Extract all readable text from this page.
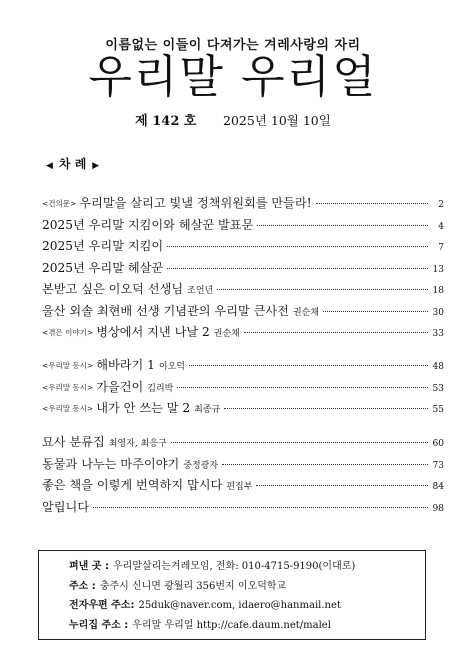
이름없는 이들이 다져가는 겨레사랑의 자리
우리말 우리얼
제 142 호 2025년 10월 10일
◀ 차 례 ▶
<건의문> 우리말을 살리고 빛낼 정책위원회를 만들라!	2
2025년 우리말 지킴이와 헤살꾼 발표문	4
2025년 우리말 지킴이	7
2025년 우리말 헤살꾼	13
본받고 싶은 이오덕 선생님 조언년	18
울산 외솔 최현배 선생 기념관의 우리말 큰사전 권순채	30
<겪은 이야기> 병상에서 지낸 나날 2 권순채	33
<우리말 동시> 해바라기 1 이오덕	48
<우리말 동시> 가을건이 김리박	53
<우리말 동시> 내가 안 쓰는 말 2 최종규	55
묘사 분류집 최영자, 최응구	60
동물과 나누는 마주이야기 중정광자	73
좋은 책을 이렇게 번역하지 맙시다 편집부	84
알립니다	98
펴낸 곳 : 우리말살리는겨레모임, 전화: 010-4715-9190(이대로)
주소 : 충주시 신니면 광월리 356번지 이오덕학교
전자우편 주소: 25duk@naver.com, idaero@hanmail.net
누리집 주소 : 우리말 우리얼 http://cafe.daum.net/malel
